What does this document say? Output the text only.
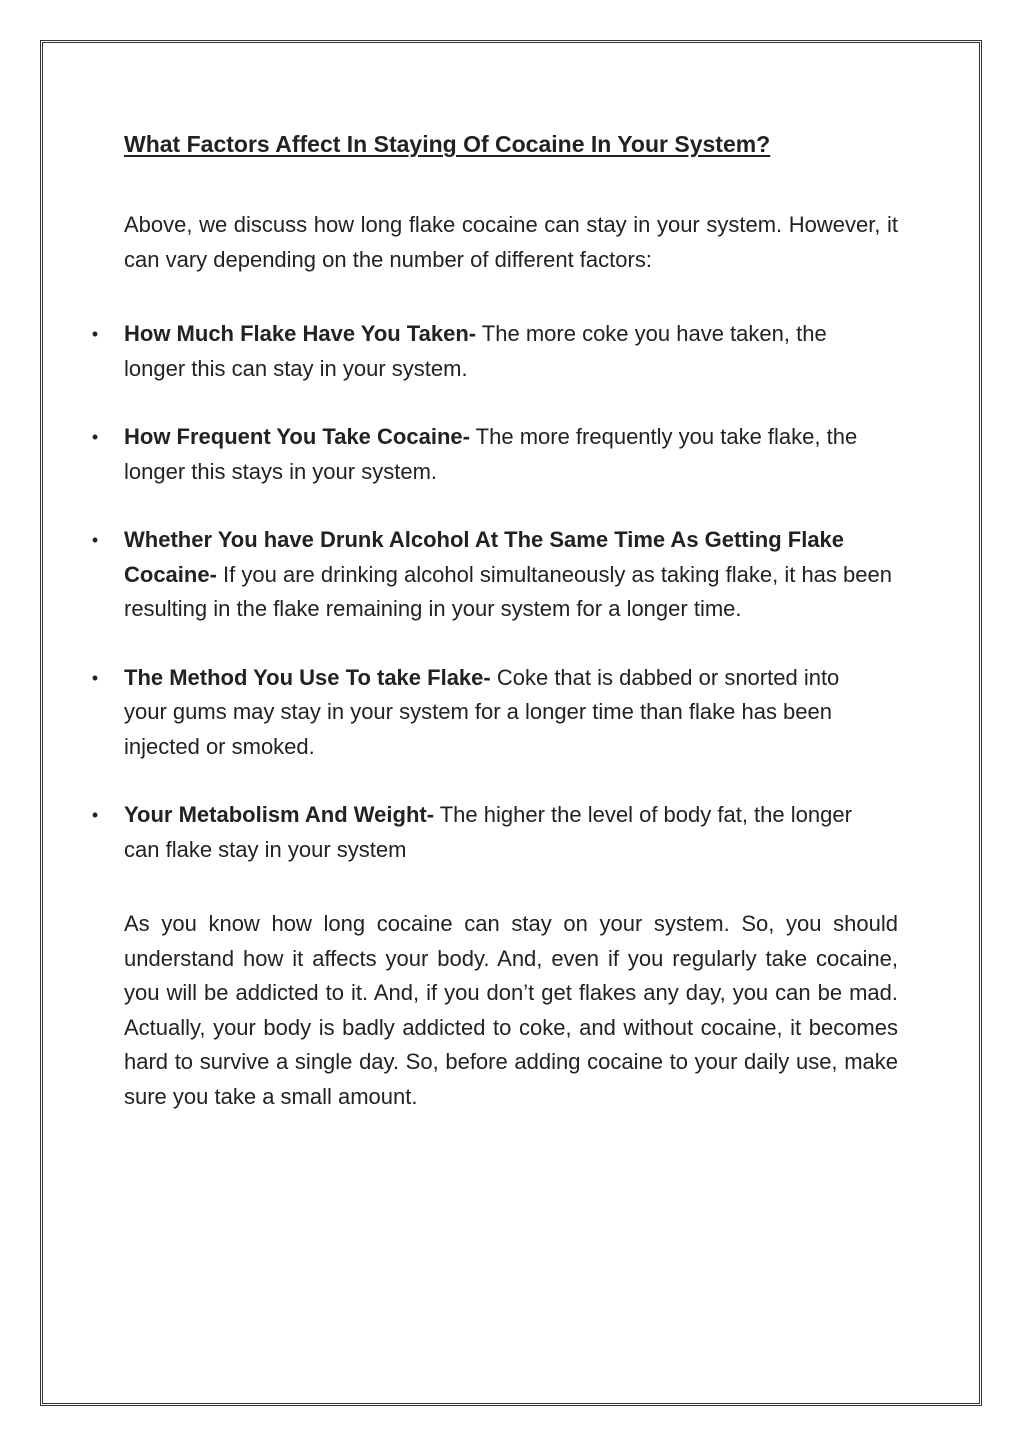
What Factors Affect In Staying Of Cocaine In Your System?

Above, we discuss how long flake cocaine can stay in your system. However, it can vary depending on the number of different factors:

• How Much Flake Have You Taken- The more coke you have taken, the longer this can stay in your system.
• How Frequent You Take Cocaine- The more frequently you take flake, the longer this stays in your system.
• Whether You have Drunk Alcohol At The Same Time As Getting Flake Cocaine- If you are drinking alcohol simultaneously as taking flake, it has been resulting in the flake remaining in your system for a longer time.
• The Method You Use To take Flake- Coke that is dabbed or snorted into your gums may stay in your system for a longer time than flake has been injected or smoked.
• Your Metabolism And Weight- The higher the level of body fat, the longer can flake stay in your system

As you know how long cocaine can stay on your system. So, you should understand how it affects your body. And, even if you regularly take cocaine, you will be addicted to it. And, if you don’t get flakes any day, you can be mad. Actually, your body is badly addicted to coke, and without cocaine, it becomes hard to survive a single day. So, before adding cocaine to your daily use, make sure you take a small amount.
